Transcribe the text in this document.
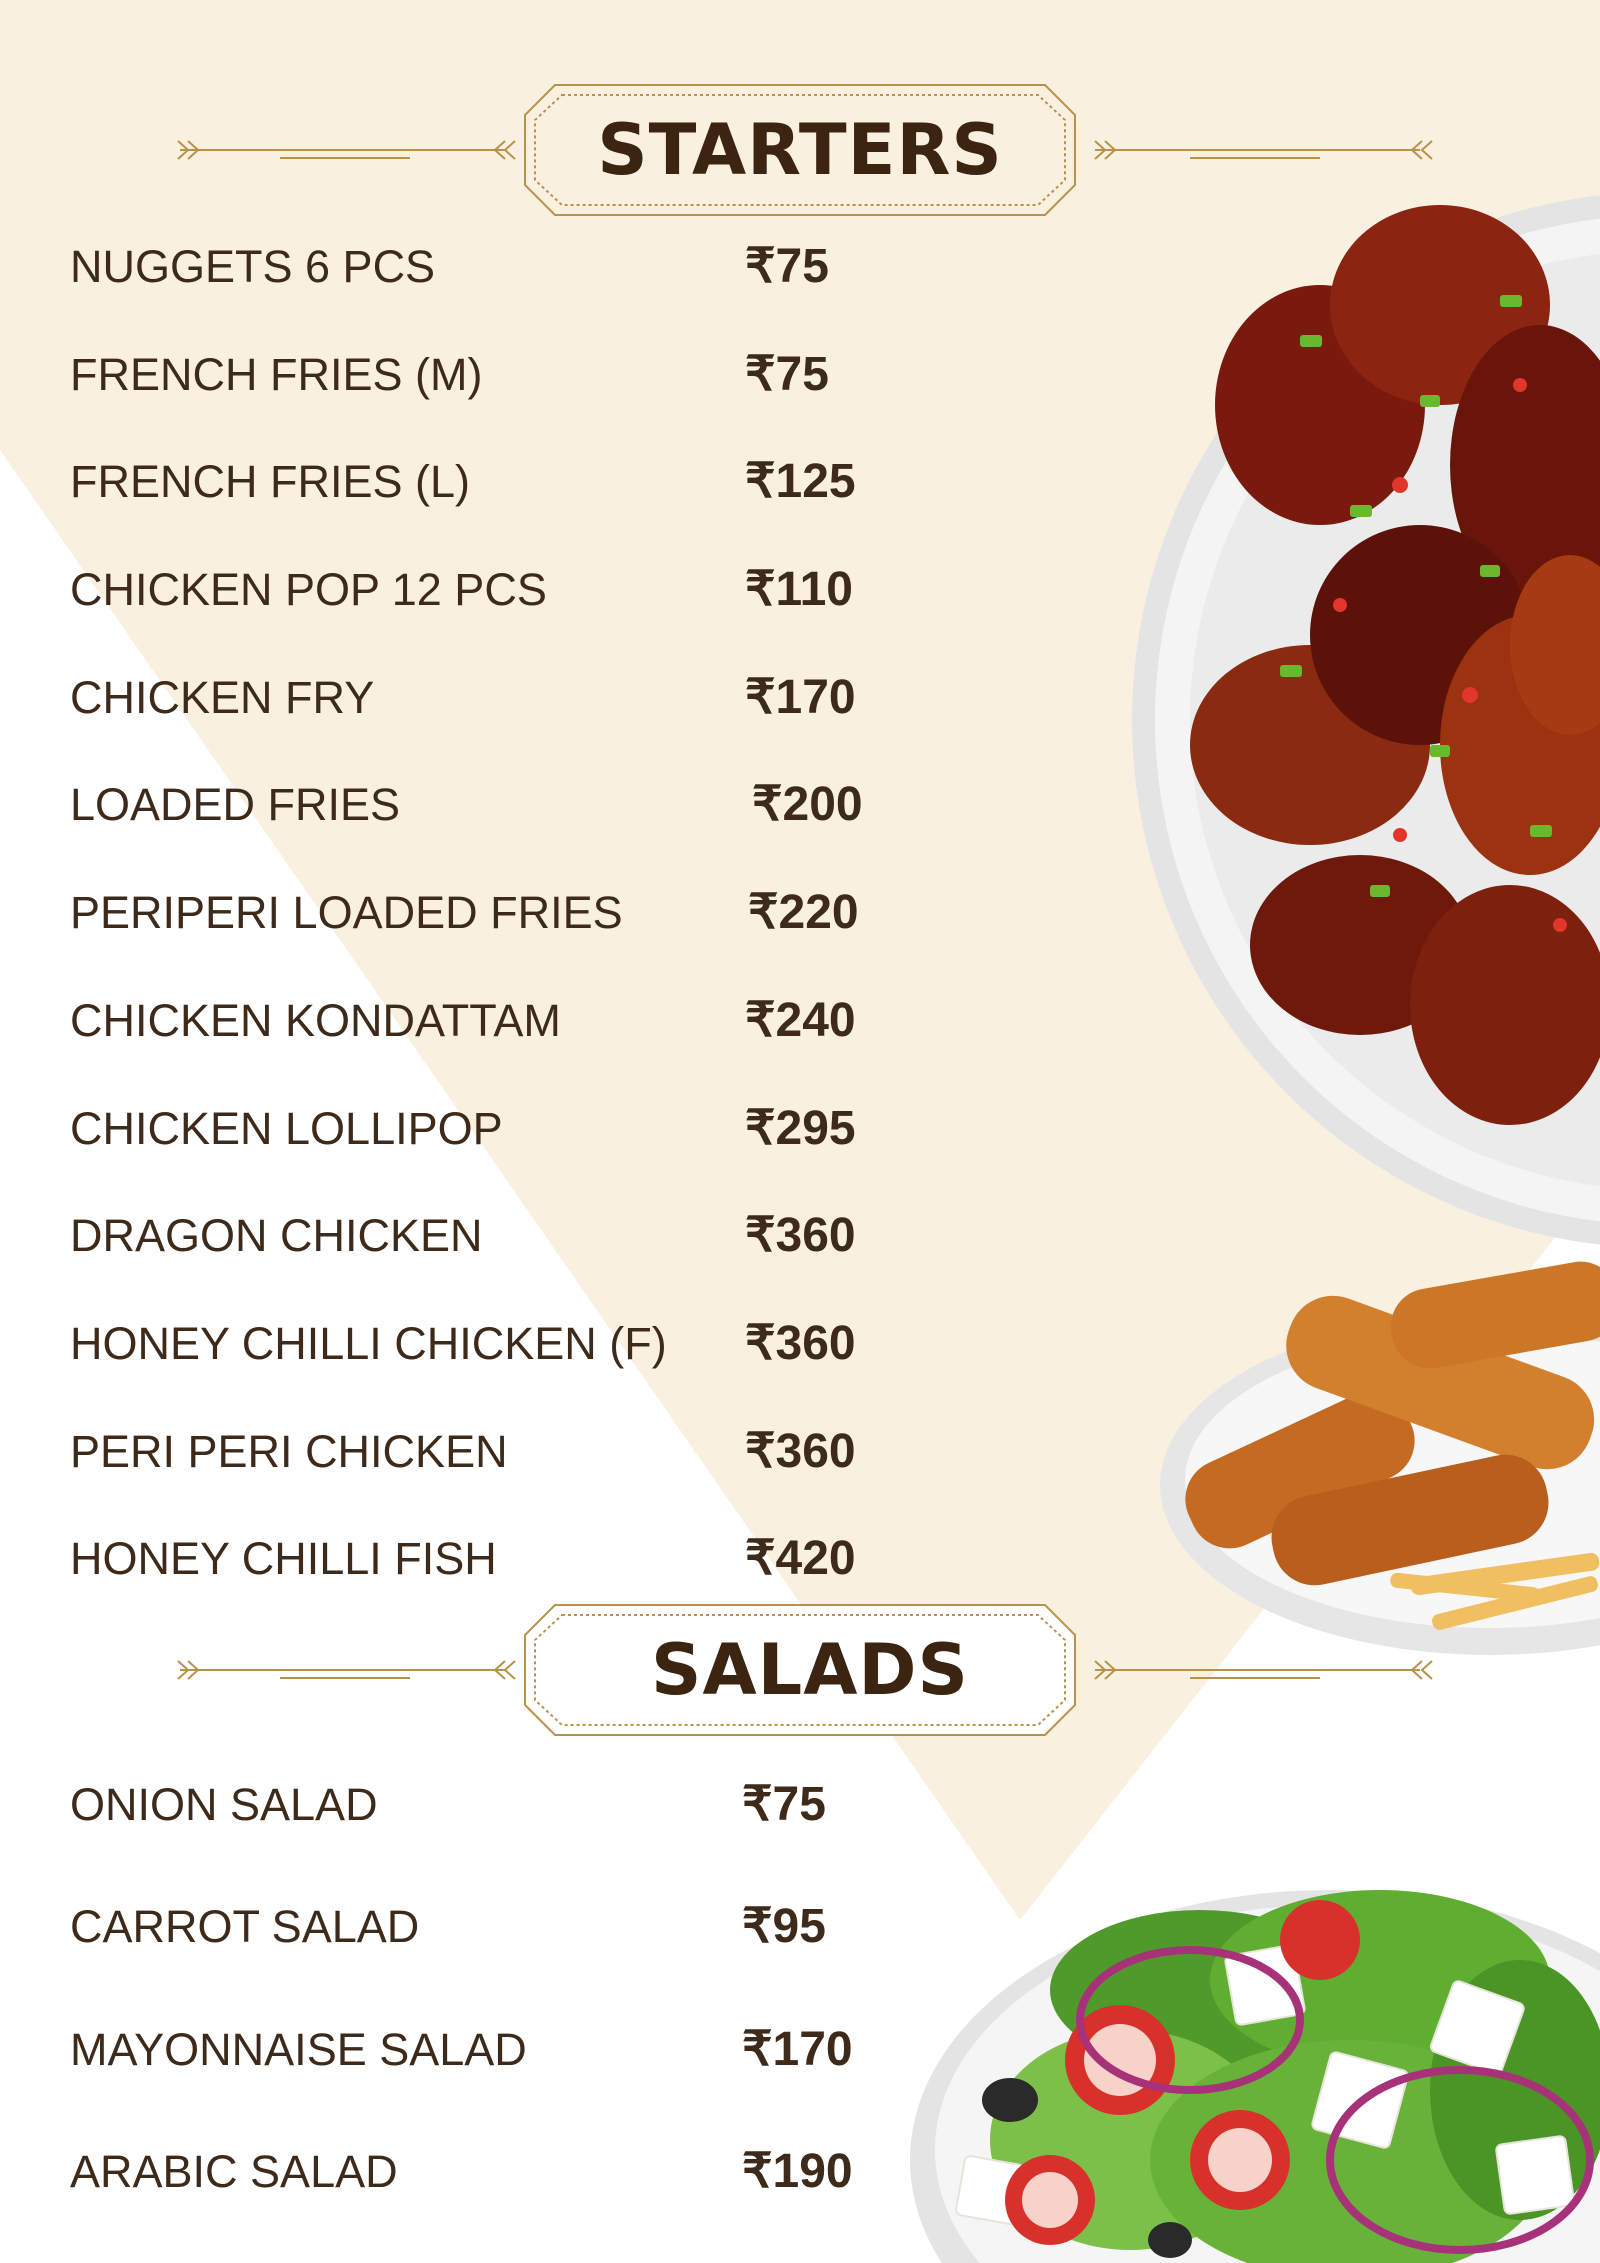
STARTERS
NUGGETS 6 PCS	₹75
FRENCH FRIES (M)	₹75
FRENCH FRIES (L)	₹125
CHICKEN POP 12 PCS	₹110
CHICKEN FRY	₹170
LOADED FRIES	₹200
PERIPERI LOADED FRIES	₹220
CHICKEN KONDATTAM	₹240
CHICKEN LOLLIPOP	₹295
DRAGON CHICKEN	₹360
HONEY CHILLI CHICKEN (F) ₹360
PERI PERI CHICKEN	₹360
HONEY CHILLI FISH	₹420
SALADS
ONION SALAD	₹75
CARROT SALAD	₹95
MAYONNAISE SALAD	₹170
ARABIC SALAD	₹190
